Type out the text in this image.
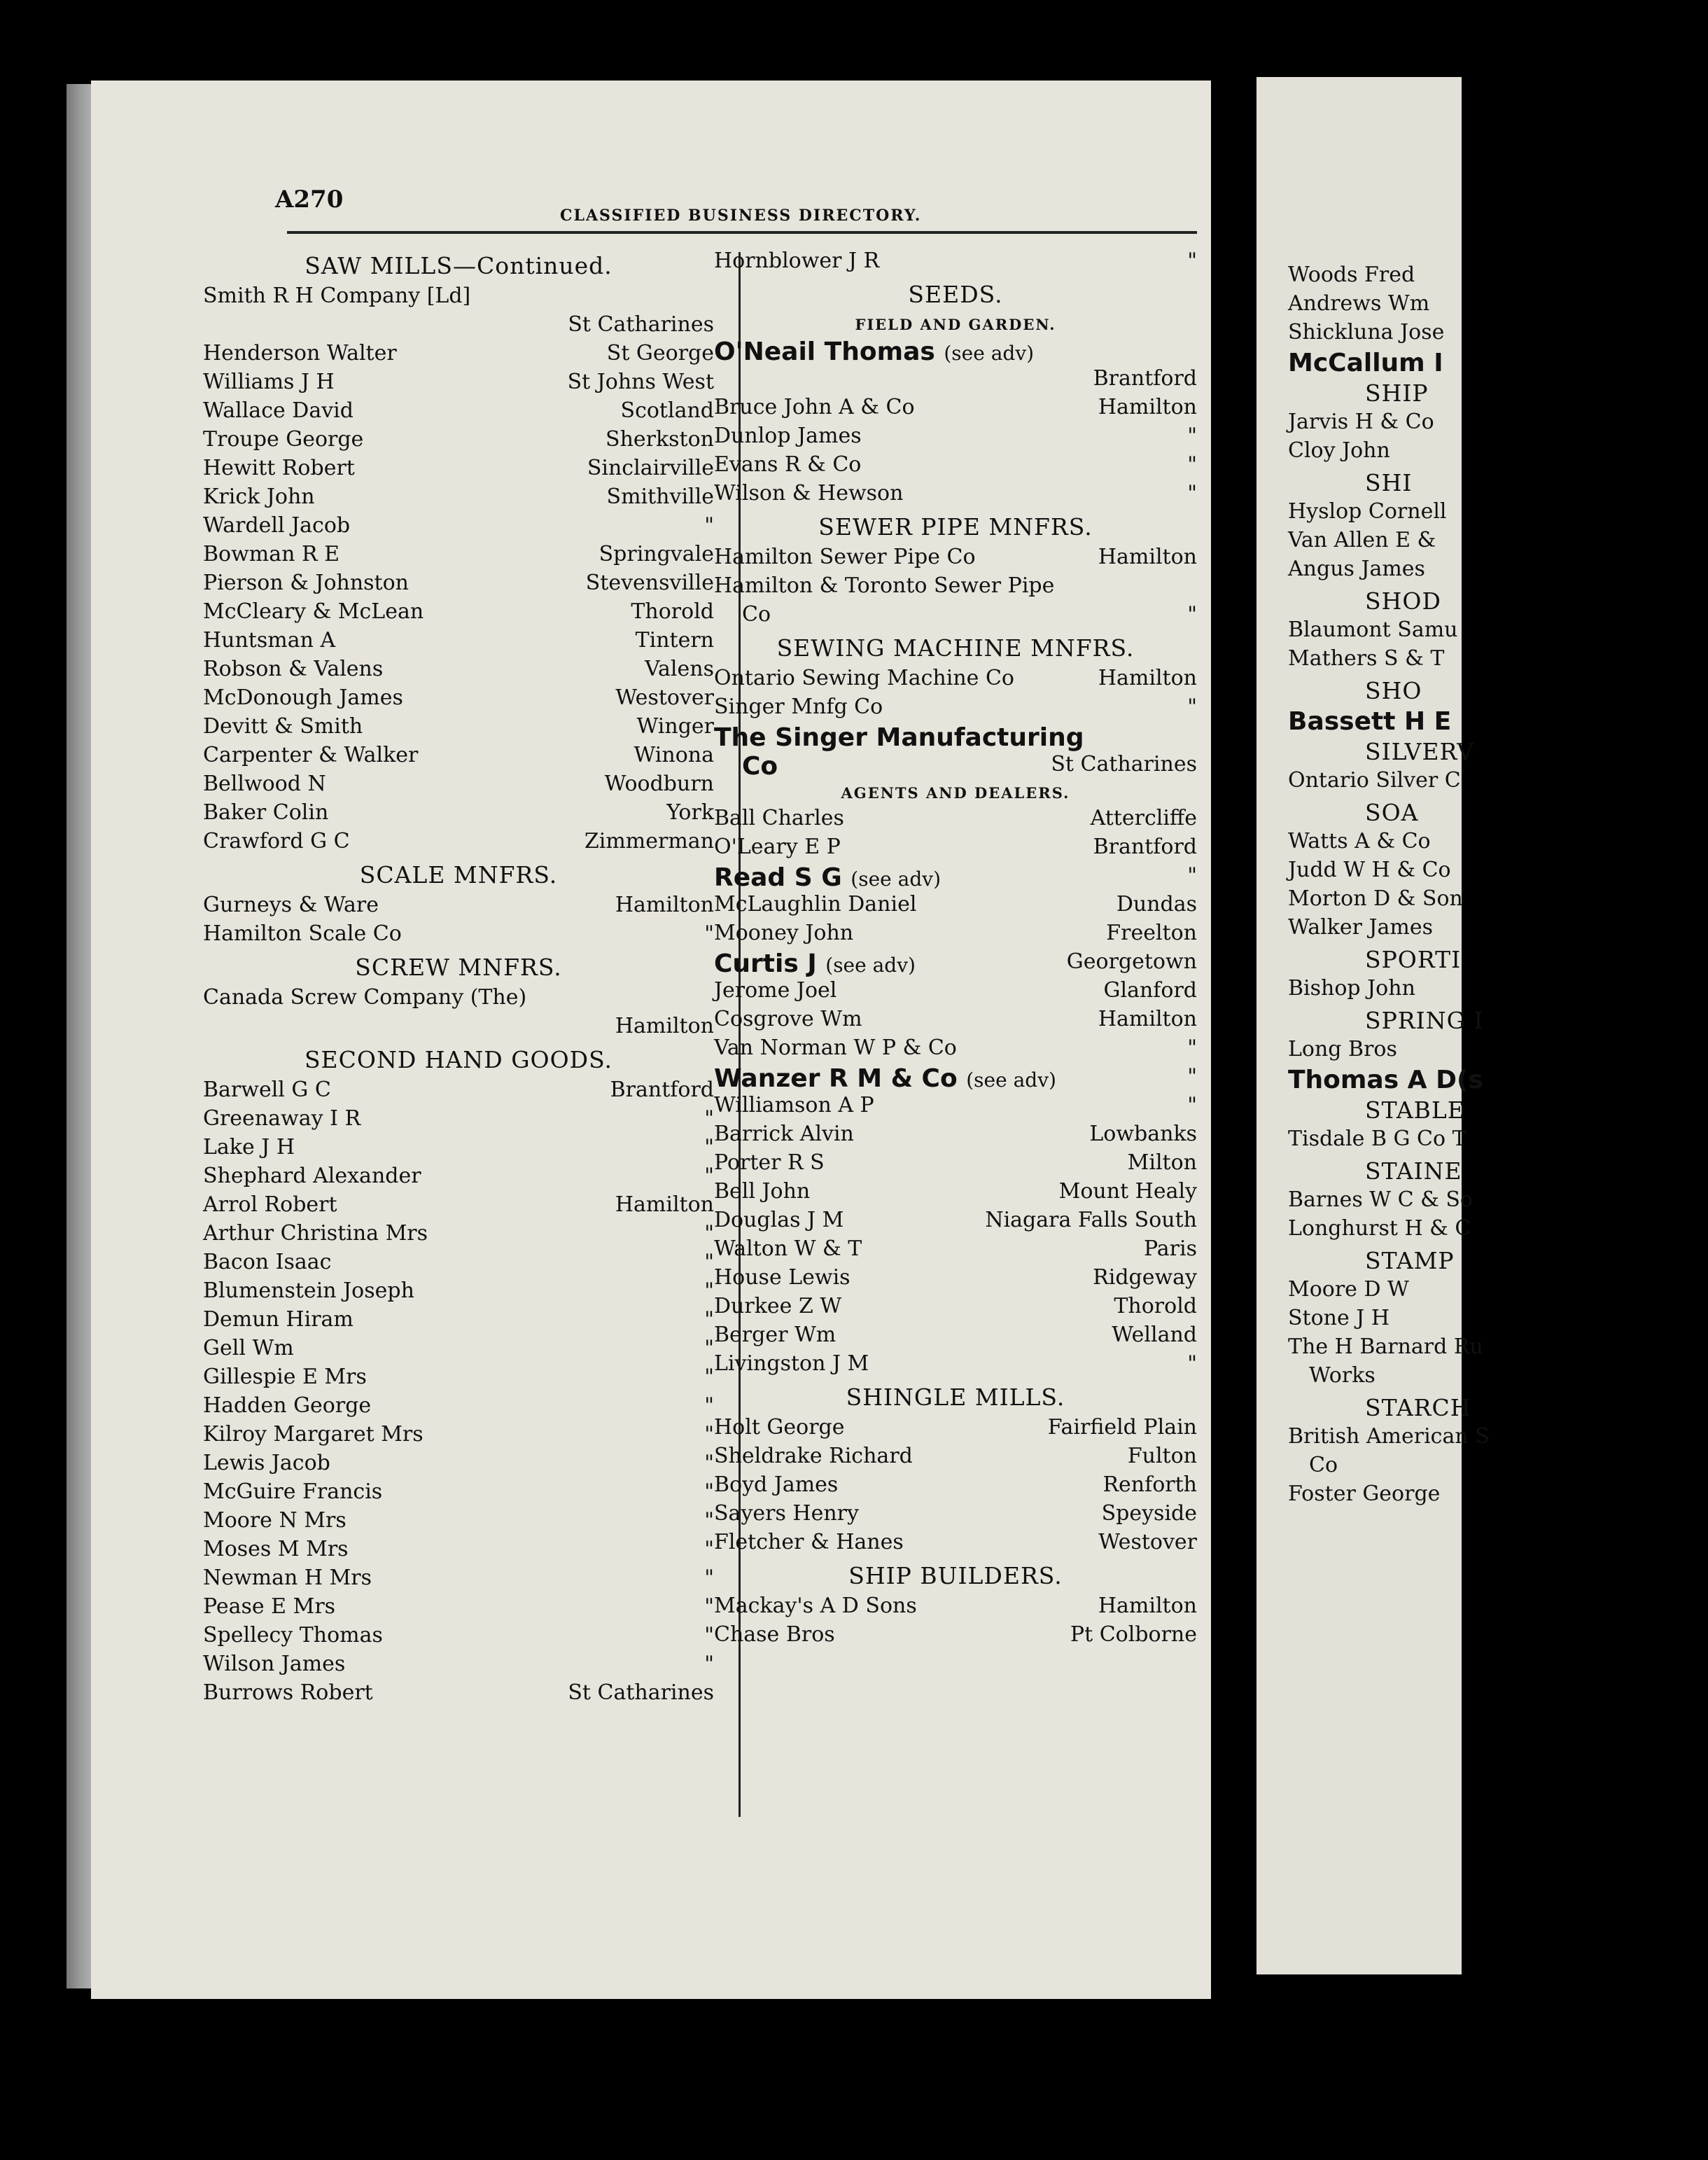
A270
CLASSIFIED BUSINESS DIRECTORY.
SAW MILLS—Continued.
Smith R H Company [Ld]
St Catharines
Henderson Walter	St George
Williams J H	St Johns West
Wallace David	Scotland
Troupe George	Sherkston
Hewitt Robert	Sinclairville
Krick John	Smithville
Wardell Jacob	"
Bowman R E	Springvale
Pierson & Johnston	Stevensville
McCleary & McLean	Thorold
Huntsman A	Tintern
Robson & Valens	Valens
McDonough James	Westover
Devitt & Smith	Winger
Carpenter & Walker	Winona
Bellwood N	Woodburn
Baker Colin	York
Crawford G C	Zimmerman
SCALE MNFRS.
Gurneys & Ware	Hamilton
Hamilton Scale Co	"
SCREW MNFRS.
Canada Screw Company (The)
Hamilton
SECOND HAND GOODS.
Barwell G C	Brantford
Greenaway I R	"
Lake J H	"
Shephard Alexander	"
Arrol Robert	Hamilton
Arthur Christina Mrs	"
Bacon Isaac	"
Blumenstein Joseph	"
Demun Hiram	"
Gell Wm	"
Gillespie E Mrs	"
Hadden George	"
Kilroy Margaret Mrs	"
Lewis Jacob	"
McGuire Francis	"
Moore N Mrs	"
Moses M Mrs	"
Newman H Mrs	"
Pease E Mrs	"
Spellecy Thomas	"
Wilson James	"
Burrows Robert	St Catharines
Hornblower J R	"
SEEDS.
FIELD AND GARDEN.
O'Neail Thomas (see adv)
Brantford
Bruce John A & Co	Hamilton
Dunlop James	"
Evans R & Co	"
Wilson & Hewson	"
SEWER PIPE MNFRS.
Hamilton Sewer Pipe Co	Hamilton
Hamilton & Toronto Sewer Pipe
Co	"
SEWING MACHINE MNFRS.
Ontario Sewing Machine Co	Hamilton
Singer Mnfg Co	"
The Singer Manufacturing
Co	St Catharines
AGENTS AND DEALERS.
Ball Charles	Attercliffe
O'Leary E P	Brantford
Read S G (see adv)	"
McLaughlin Daniel	Dundas
Mooney John	Freelton
Curtis J (see adv)	Georgetown
Jerome Joel	Glanford
Cosgrove Wm	Hamilton
Van Norman W P & Co	"
Wanzer R M & Co (see adv)	"
Williamson A P	"
Barrick Alvin	Lowbanks
Porter R S	Milton
Bell John	Mount Healy
Douglas J M	Niagara Falls South
Walton W & T	Paris
House Lewis	Ridgeway
Durkee Z W	Thorold
Berger Wm	Welland
Livingston J M	"
SHINGLE MILLS.
Holt George	Fairfield Plain
Sheldrake Richard	Fulton
Boyd James	Renforth
Sayers Henry	Speyside
Fletcher & Hanes	Westover
SHIP BUILDERS.
Mackay's A D Sons	Hamilton
Chase Bros	Pt Colborne
Woods Fred
Andrews Wm
Shickluna Jose
McCallum I
SHIP
Jarvis H & Co
Cloy John
SHI
Hyslop Cornell
Van Allen E &
Angus James
SHOD
Blaumont Samu
Mathers S & T
SHO
Bassett H E
SILVERV
Ontario Silver C
SOA
Watts A & Co
Judd W H & Co
Morton D & Son
Walker James
SPORTI
Bishop John
SPRING I
Long Bros
Thomas A D(s
STABLE
Tisdale B G Co T
STAINE
Barnes W C & So
Longhurst H & C
STAMP
Moore D W
Stone J H
The H Barnard Ru
Works
STARCH
British American S
Co
Foster George
